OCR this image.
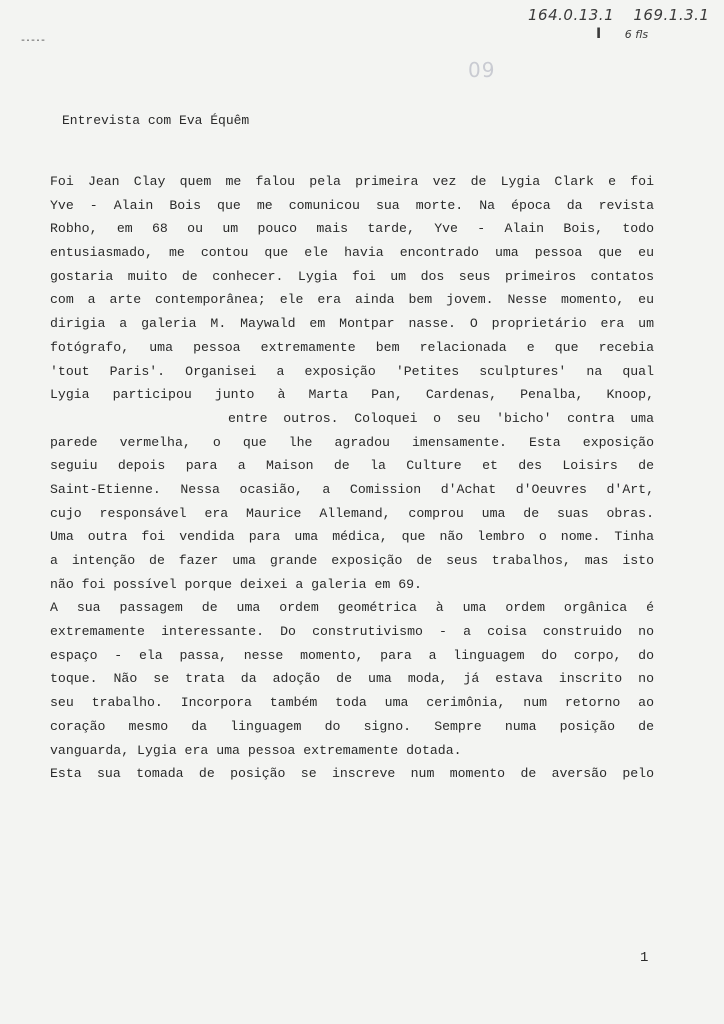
-·-·-
164.0.13.1 169.1.3.1
I 6 fls
09
Entrevista com Eva Équêm
Foi Jean Clay quem me falou pela primeira vez de Lygia Clark e foi
Yve - Alain Bois que me comunicou sua morte. Na época da revista
Robho, em 68 ou um pouco mais tarde, Yve - Alain Bois, todo
entusiasmado, me contou que ele havia encontrado uma pessoa que eu
gostaria muito de conhecer. Lygia foi um dos seus primeiros contatos
com a arte contemporânea; ele era ainda bem jovem. Nesse momento, eu
dirigia a galeria M. Maywald em Montpar nasse. O proprietário era um
fotógrafo, uma pessoa extremamente bem relacionada e que recebia
'tout Paris'. Organisei a exposição 'Petites sculptures' na qual
Lygia participou junto à Marta Pan, Cardenas, Penalba, Knoop,
entre outros. Coloquei o seu 'bicho' contra uma
parede vermelha, o que lhe agradou imensamente. Esta exposição
seguiu depois para a Maison de la Culture et des Loisirs de
Saint-Etienne. Nessa ocasião, a Comission d'Achat d'Oeuvres d'Art,
cujo responsável era Maurice Allemand, comprou uma de suas obras.
Uma outra foi vendida para uma médica, que não lembro o nome. Tinha
a intenção de fazer uma grande exposição de seus trabalhos, mas isto
não foi possível porque deixei a galeria em 69.
A sua passagem de uma ordem geométrica à uma ordem orgânica é
extremamente interessante. Do construtivismo - a coisa construido no
espaço - ela passa, nesse momento, para a linguagem do corpo, do
toque. Não se trata da adoção de uma moda, já estava inscrito no
seu trabalho. Incorpora também toda uma cerimônia, num retorno ao
coração mesmo da linguagem do signo. Sempre numa posição de
vanguarda, Lygia era uma pessoa extremamente dotada.
Esta sua tomada de posição se inscreve num momento de aversão pelo
1
